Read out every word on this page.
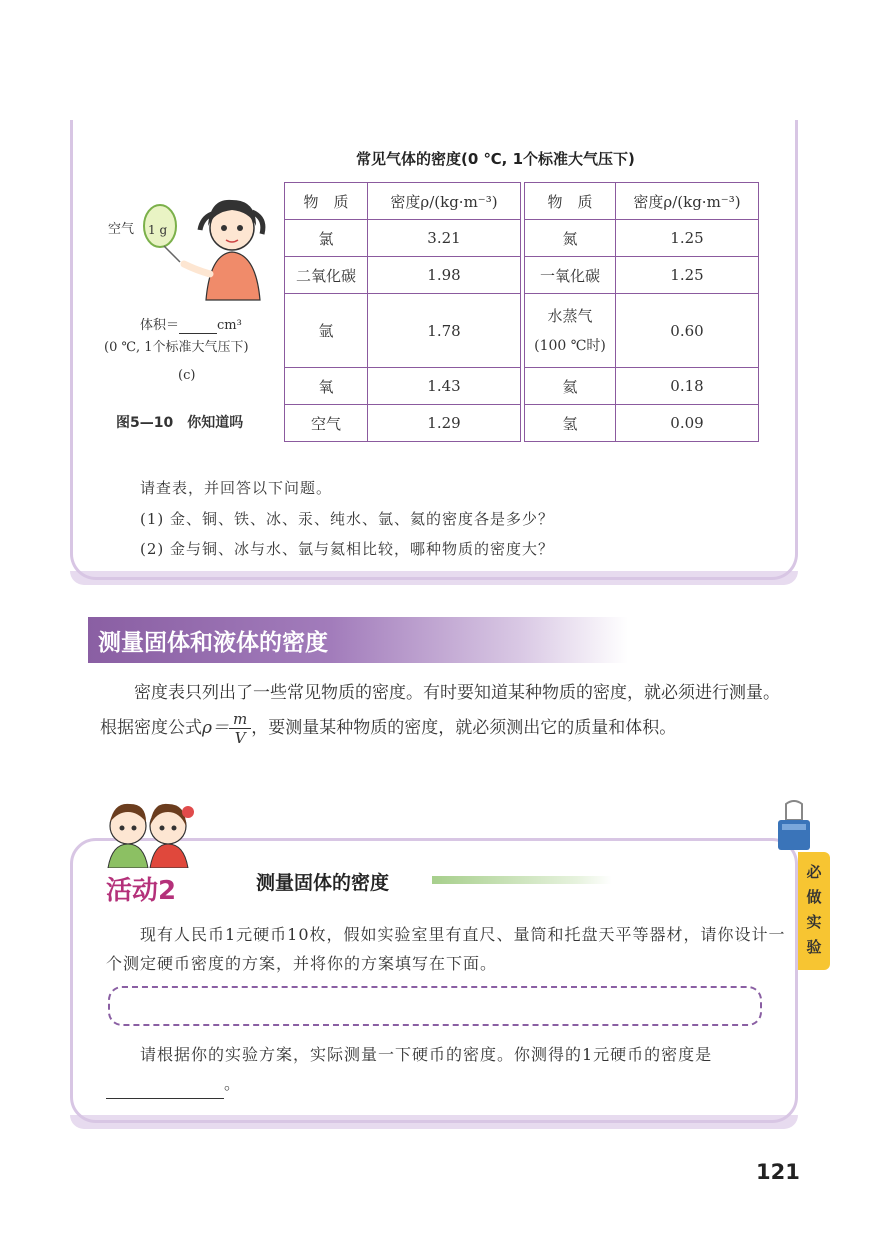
常见气体的密度(0 ℃, 1个标准大气压下)
物　质	密度ρ/(kg·m⁻³)
氯	3.21
二氧化碳	1.98
氩	1.78
氧	1.43
空气	1.29
物　质	密度ρ/(kg·m⁻³)
氮	1.25
一氧化碳	1.25

水蒸气
(100 ℃时)	0.60
氦	0.18
氢	0.09
空气 1 g
体积＝	cm³
(0 ℃, 1个标准大气压下)
(c)
图5—10　你知道吗
请查表，并回答以下问题。
(1) 金、铜、铁、冰、汞、纯水、氩、氦的密度各是多少？
(2) 金与铜、冰与水、氩与氦相比较，哪种物质的密度大？
测量固体和液体的密度
密度表只列出了一些常见物质的密度。有时要知道某种物质的密度，就必须进行测量。根据密度公式$\rho= \frac{m}{V}$ ，要测量某种物质的密度，就必须测出它的质量和体积。
活动2	测量固体的密度
现有人民币1元硬币10枚，假如实验室里有直尺、量筒和托盘天平等器材，请你设计一个测定硬币密度的方案，并将你的方案填写在下面。
请根据你的实验方案，实际测量一下硬币的密度。你测得的1元硬币的密度是 。
必做实验
121
